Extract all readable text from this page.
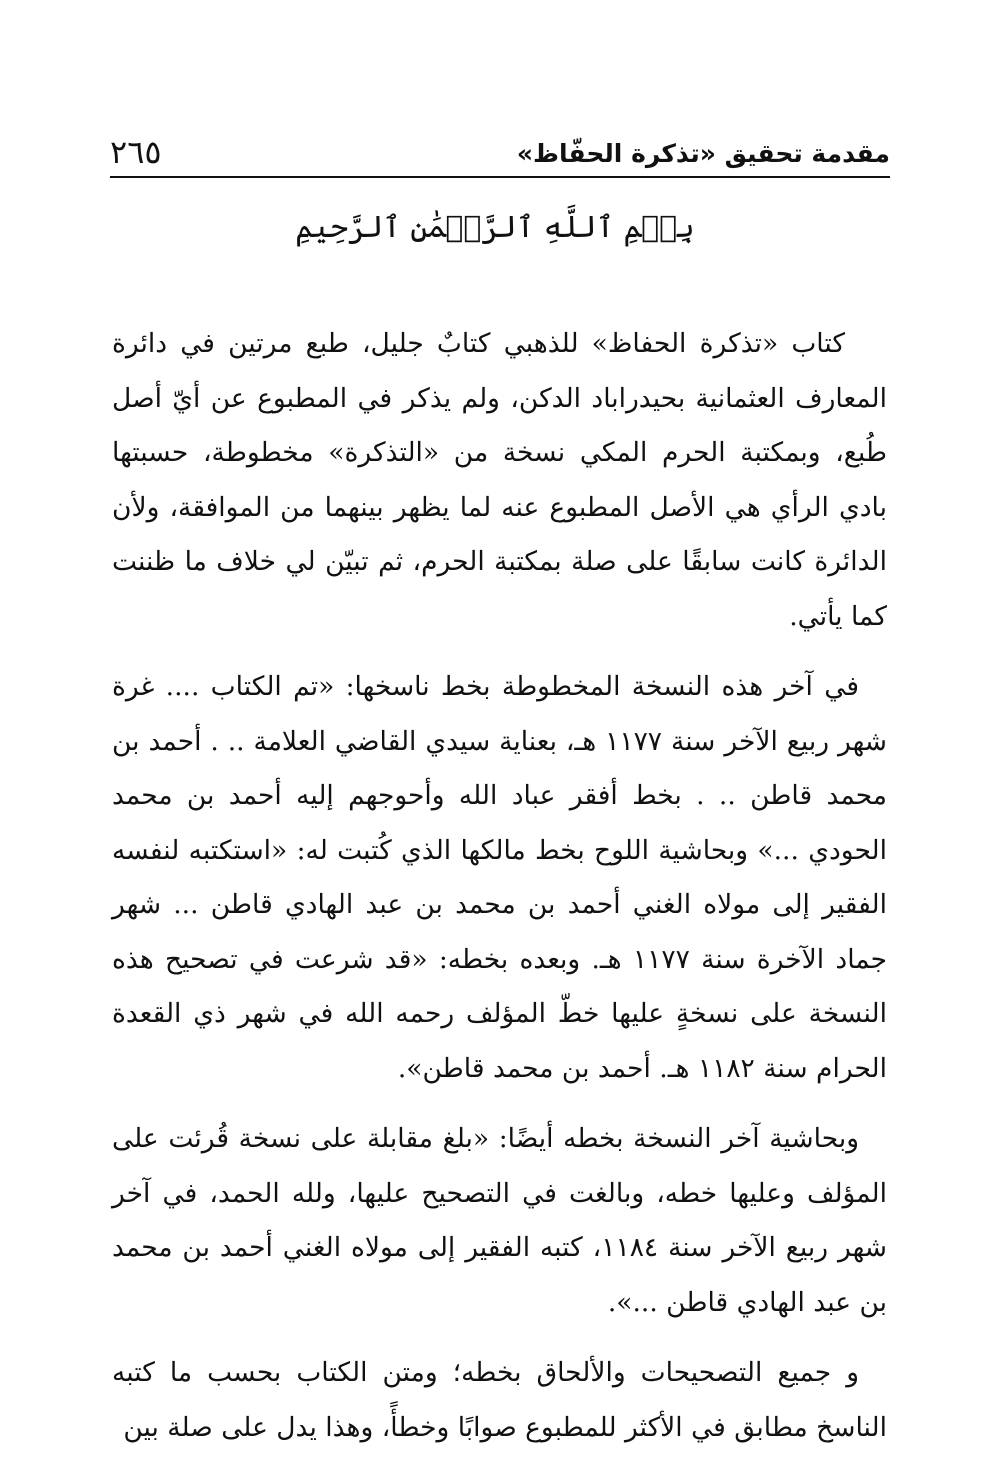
مقدمة تحقيق «تذكرة الحفّاظ»
٢٦٥
بِسۡمِ ٱللَّهِ ٱلرَّحۡمَٰنِ ٱلرَّحِيمِ

كتاب «تذكرة الحفاظ» للذهبي كتابٌ جليل، طبع مرتين في دائرة المعارف العثمانية بحيدراباد الدكن، ولم يذكر في المطبوع عن أيّ أصل طُبع، وبمكتبة الحرم المكي نسخة من «التذكرة» مخطوطة، حسبتها بادي الرأي هي الأصل المطبوع عنه لما يظهر بينهما من الموافقة، ولأن الدائرة كانت سابقًا على صلة بمكتبة الحرم، ثم تبيّن لي خلاف ما ظننت كما يأتي.

في آخر هذه النسخة المخطوطة بخط ناسخها: «تم الكتاب .... غرة شهر ربيع الآخر سنة ١١٧٧ هـ، بعناية سيدي القاضي العلامة .. . أحمد بن محمد قاطن .. . بخط أفقر عباد الله وأحوجهم إليه أحمد بن محمد الحودي ...» وبحاشية اللوح بخط مالكها الذي كُتبت له: «استكتبه لنفسه الفقير إلى مولاه الغني أحمد بن محمد بن عبد الهادي قاطن ... شهر جماد الآخرة سنة ١١٧٧ هـ. وبعده بخطه: «قد شرعت في تصحيح هذه النسخة على نسخةٍ عليها خطّ المؤلف رحمه الله في شهر ذي القعدة الحرام سنة ١١٨٢ هـ. أحمد بن محمد قاطن».

وبحاشية آخر النسخة بخطه أيضًا: «بلغ مقابلة على نسخة قُرئت على المؤلف وعليها خطه، وبالغت في التصحيح عليها، ولله الحمد، في آخر شهر ربيع الآخر سنة ١١٨٤، كتبه الفقير إلى مولاه الغني أحمد بن محمد بن عبد الهادي قاطن ...».

و جميع التصحيحات والألحاق بخطه؛ ومتن الكتاب بحسب ما كتبه الناسخ مطابق في الأكثر للمطبوع صوابًا وخطأً، وهذا يدل على صلة بين
